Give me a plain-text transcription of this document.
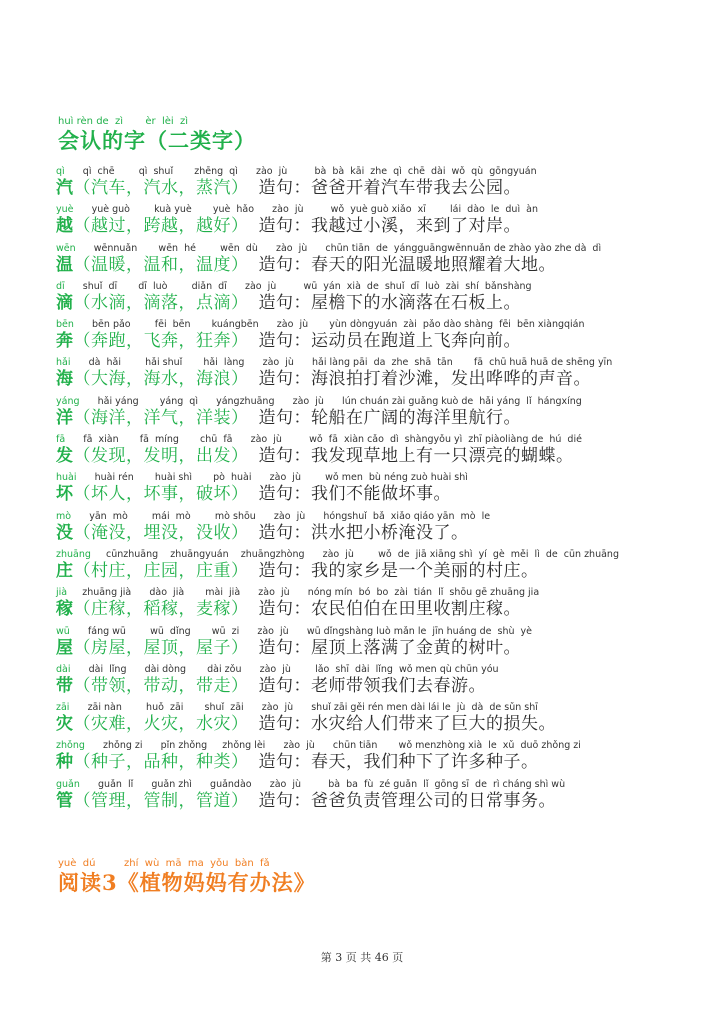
huì rèn de  zì       èr  lèi  zì
会认的字（二类字）
qì      qì  chē        qì  shuǐ       zhēng  qì zào  jù         bà  bà  kāi  zhe  qì  chē  dài  wǒ  qù  gōngyuán
汽（汽车，汽水，蒸汽） 造句：爸爸开着汽车带我去公园。
yuè      yuè guò        kuà yuè       yuè  hǎo zào  jù         wǒ  yuè guò xiǎo  xī        lái  dào  le  duì  àn
越（越过，跨越，越好） 造句：我越过小溪，来到了对岸。
wēn      wēnnuǎn       wēn  hé        wēn  dù zào  jù      chūn tiān  de  yángguāngwēnnuǎn de zhào yào zhe dà  dì
温（温暖，温和，温度） 造句：春天的阳光温暖地照耀着大地。
dī      shuǐ  dī       dī  luò        diǎn  dī zào  jù         wū  yán  xià  de  shuǐ  dī  luò  zài  shí  bǎnshàng
滴（水滴，滴落，点滴） 造句：屋檐下的水滴落在石板上。
bēn      bēn pǎo        fēi  bēn       kuángbēn zào  jù       yùn dòngyuán  zài  pǎo dào shàng  fēi  bēn xiàngqián
奔（奔跑，飞奔，狂奔） 造句：运动员在跑道上飞奔向前。
hǎi      dà  hǎi        hǎi shuǐ       hǎi  làng zào  jù      hǎi làng pāi  da  zhe  shā  tān       fā  chū huā huā de shēng yīn
海（大海，海水，海浪） 造句：海浪拍打着沙滩，发出哗哗的声音。
yáng      hǎi yáng       yáng  qì      yángzhuāng zào  jù      lún chuán zài guǎng kuò de  hǎi yáng  lǐ  hángxíng
洋（海洋，洋气，洋装） 造句：轮船在广阔的海洋里航行。
fā      fā  xiàn       fā  míng       chū  fā zào  jù         wǒ  fā  xiàn cǎo  dì  shàngyǒu yì  zhī piàoliàng de  hú  dié
发（发现，发明，出发） 造句：我发现草地上有一只漂亮的蝴蝶。
huài      huài rén       huài shì       pò  huài zào  jù        wǒ men  bù néng zuò huài shì
坏（坏人，坏事，破坏） 造句：我们不能做坏事。
mò      yān  mò        mái  mò        mò shōu zào  jù      hóngshuǐ  bǎ  xiǎo qiáo yān  mò  le
没（淹没，埋没，没收） 造句：洪水把小桥淹没了。
zhuāng     cūnzhuāng    zhuāngyuán    zhuāngzhòng zào  jù        wǒ  de  jiā xiāng shì  yí  gè  měi  lì  de  cūn zhuāng
庄（村庄，庄园，庄重） 造句：我的家乡是一个美丽的村庄。
jià     zhuāng jià      dào  jià       mài  jià zào  jù      nóng mín  bó  bo  zài  tián  lǐ  shōu gē zhuāng jia
稼（庄稼，稻稼，麦稼） 造句：农民伯伯在田里收割庄稼。
wū      fáng wū        wū  dǐng       wū  zi zào  jù      wū dǐngshàng luò mǎn le  jīn huáng de  shù  yè
屋（房屋，屋顶，屋子） 造句：屋顶上落满了金黄的树叶。
dài      dài  lǐng      dài dòng       dài zǒu zào  jù        lǎo  shī  dài  lǐng  wǒ men qù chūn yóu
带（带领，带动，带走） 造句：老师带领我们去春游。
zāi      zāi nàn        huǒ  zāi       shuǐ  zāi zào  jù      shuǐ zāi gěi rén men dài lái le  jù  dà  de sǔn shī
灾（灾难，火灾，水灾） 造句：水灾给人们带来了巨大的损失。
zhǒng      zhǒng zi      pǐn zhǒng     zhǒng lèi zào  jù      chūn tiān       wǒ menzhòng xià  le  xǔ  duō zhǒng zi
种（种子，品种，种类） 造句：春天，我们种下了许多种子。
guǎn      guǎn  lǐ      guǎn zhì      guǎndào zào  jù         bà  ba  fù  zé guǎn  lǐ  gōng sī  de  rì cháng shì wù
管（管理，管制，管道） 造句：爸爸负责管理公司的日常事务。
yuè  dú         zhí  wù  mā  ma  yǒu  bàn  fǎ
阅读3《植物妈妈有办法》
第 3 页 共 46 页
